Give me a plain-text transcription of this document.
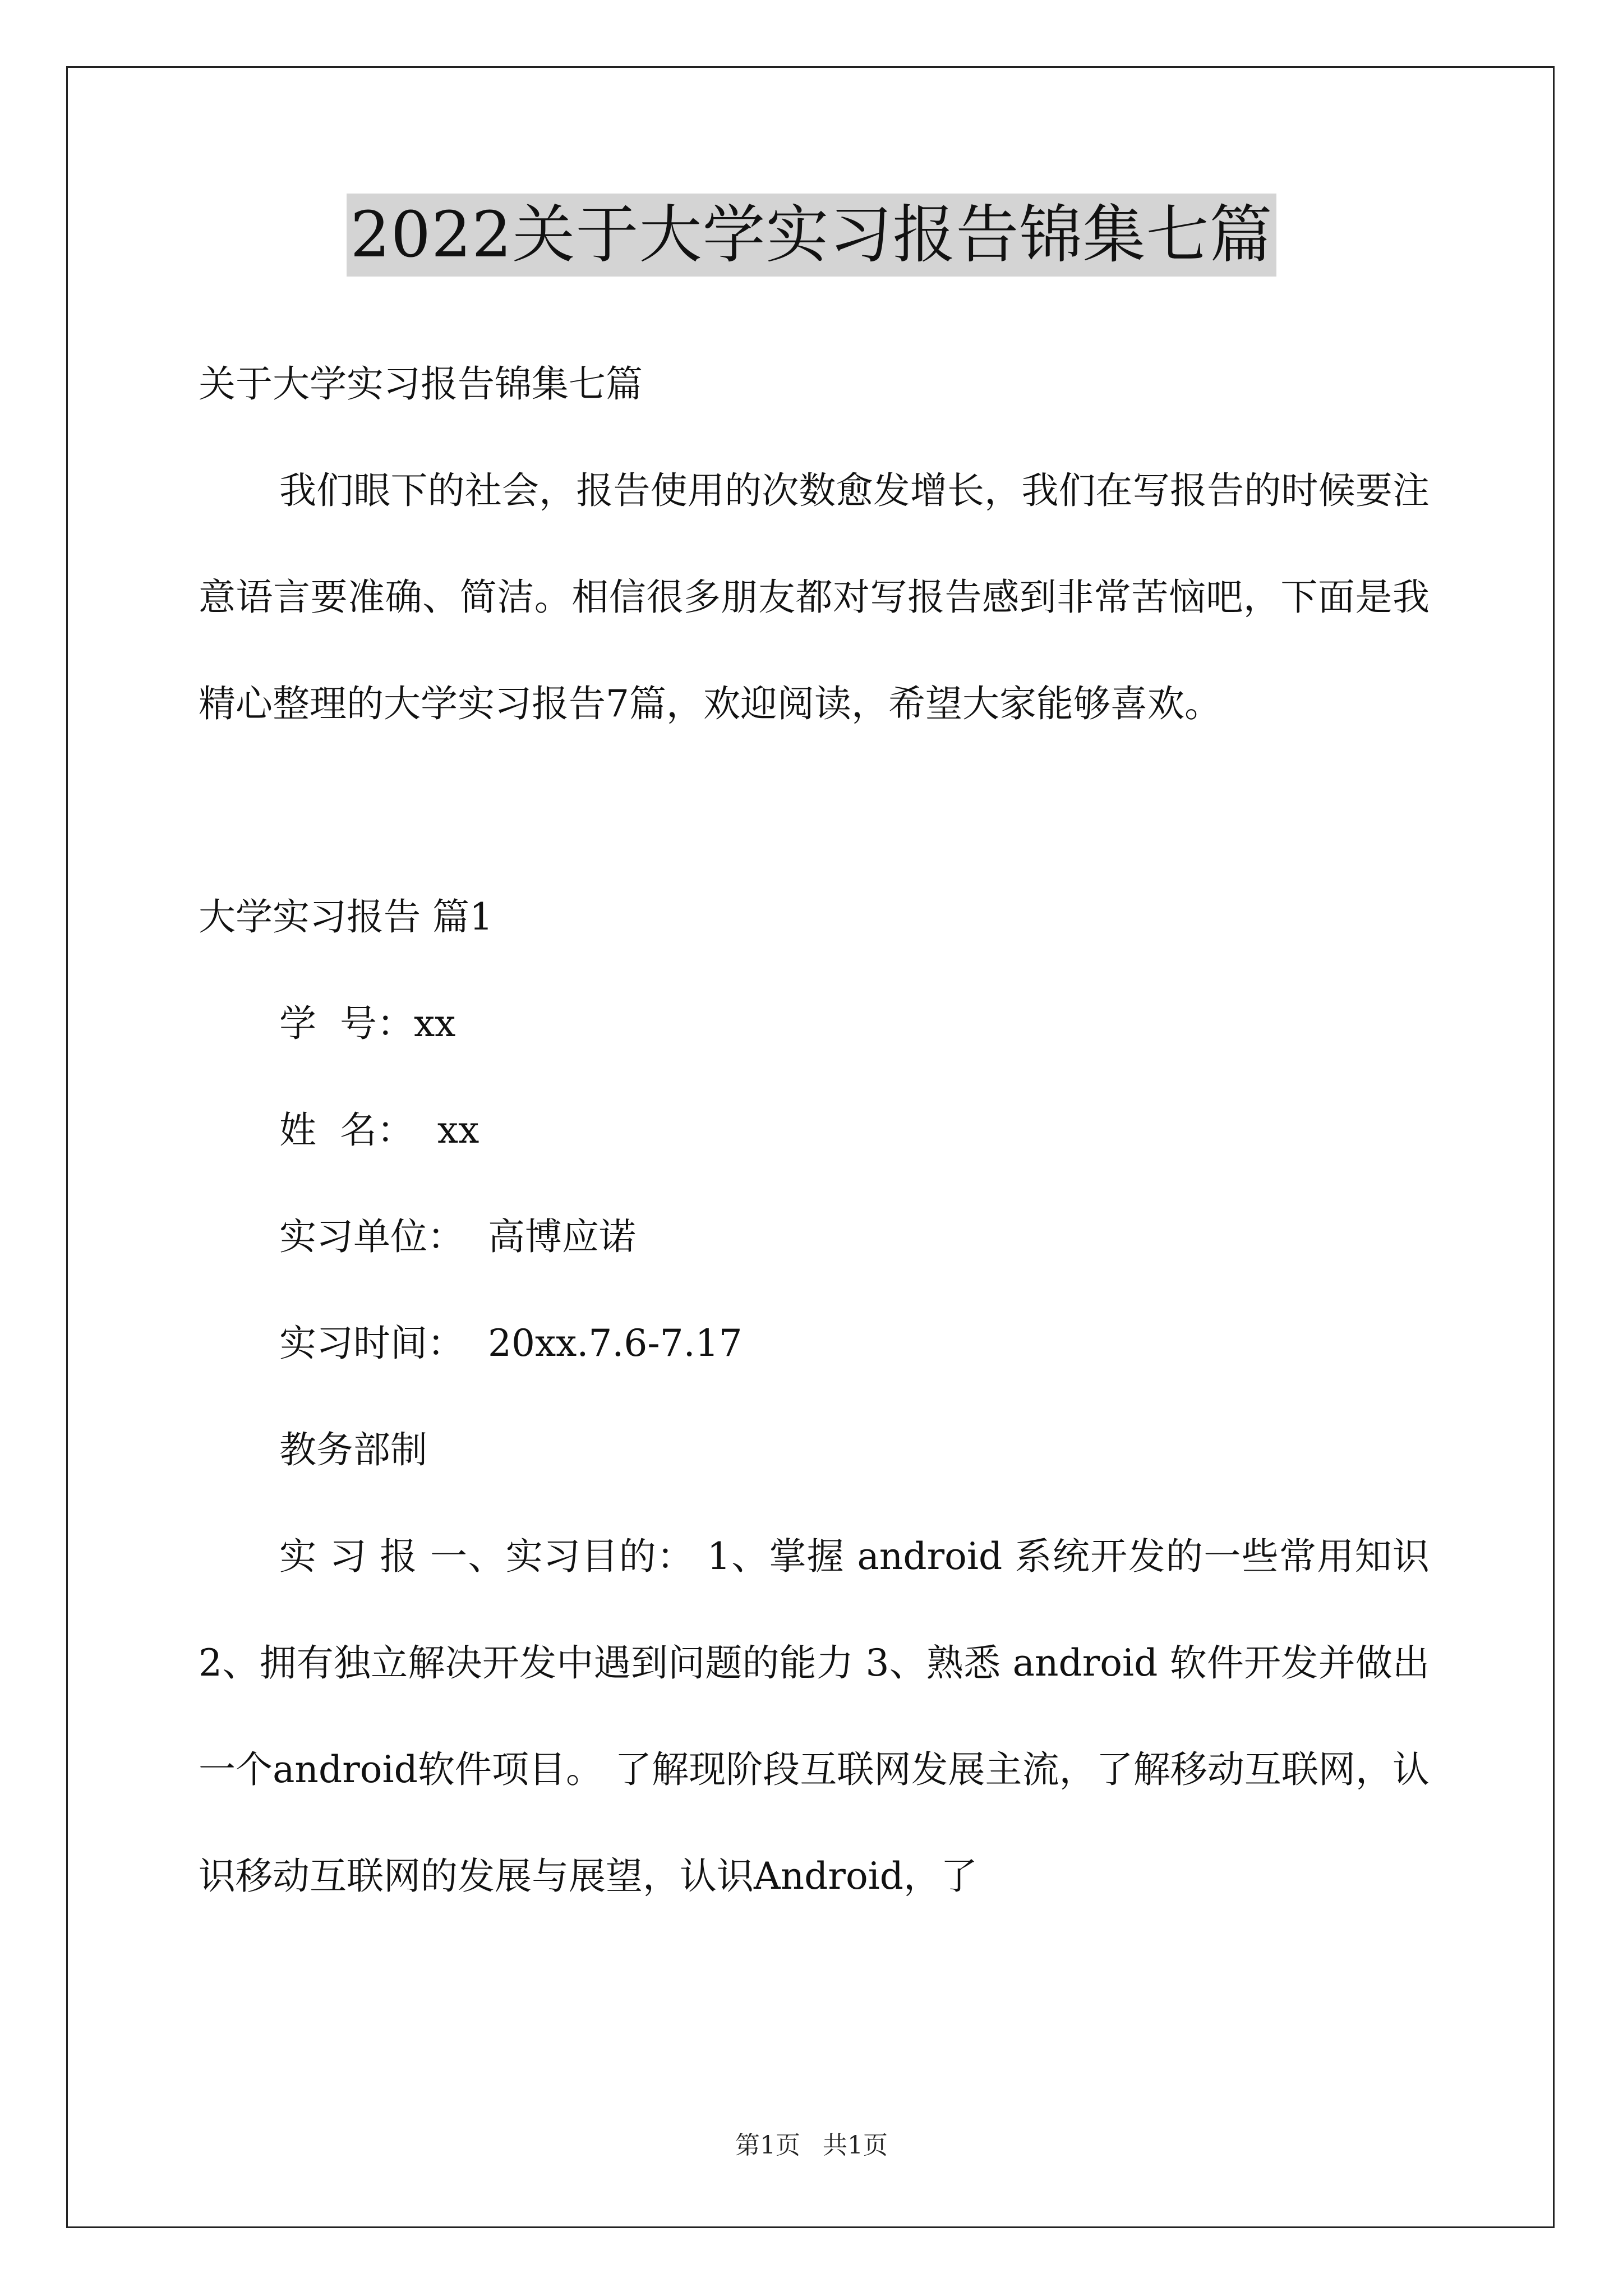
2022关于大学实习报告锦集七篇
关于大学实习报告锦集七篇

我们眼下的社会，报告使用的次数愈发增长，我们在写报告的时候要注意语言要准确、简洁。相信很多朋友都对写报告感到非常苦恼吧，下面是我精心整理的大学实习报告7篇，欢迎阅读，希望大家能够喜欢。

大学实习报告 篇1
学  号：xx
姓  名：  xx
实习单位：  高博应诺
实习时间：  20xx.7.6-7.17
教务部制

实 习 报 一、实习目的： 1、掌握 android 系统开发的一些常用知识 2、拥有独立解决开发中遇到问题的能力 3、熟悉 android 软件开发并做出一个android软件项目。 了解现阶段互联网发展主流，了解移动互联网，认识移动互联网的发展与展望，认识Android，了

第1页 共1页
